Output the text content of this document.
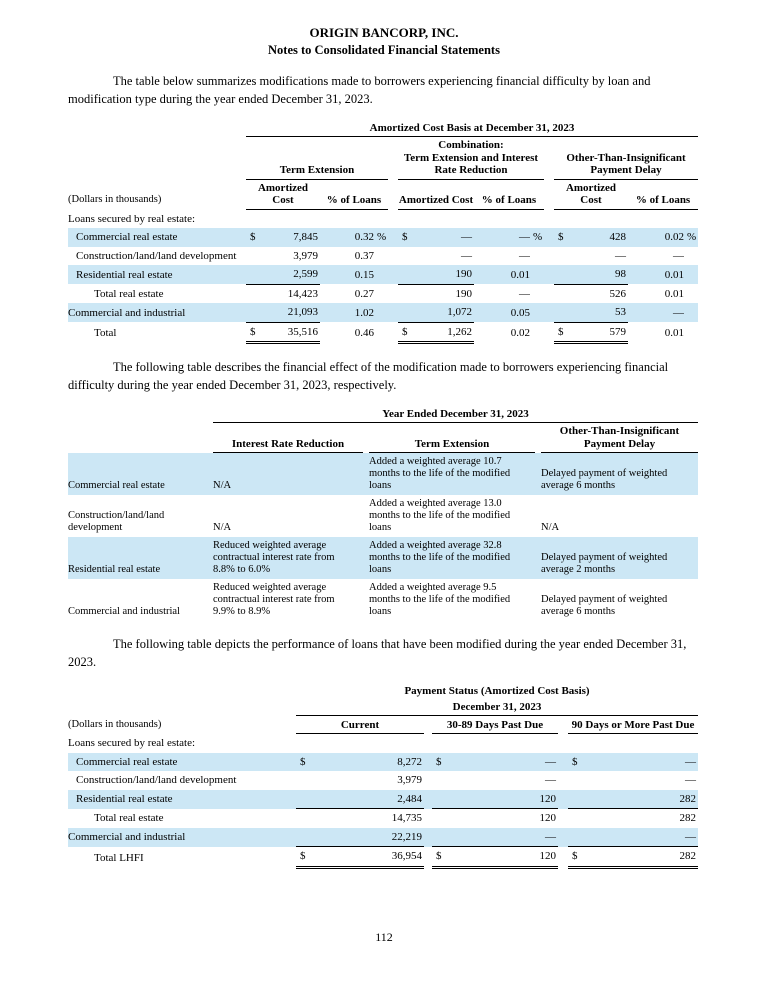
ORIGIN BANCORP, INC.
Notes to Consolidated Financial Statements

The table below summarizes modifications made to borrowers experiencing financial difficulty by loan and modification type during the year ended December 31, 2023.

	Amortized Cost Basis at December 31, 2023													
	Term Extension					Combination:
Term Extension and Interest Rate Reduction					Other-Than-Insignificant Payment Delay			
(Dollars in thousands)	Amortized Cost		% of Loans			Amortized Cost		% of Loans			Amortized Cost		% of Loans	
Loans secured by real estate:														
Commercial real estate	$	7,845	0.32	%		$	—	—	%		$	428	0.02	%
Construction/land/land development		3,979	0.37				—	—				—	—	
Residential real estate		2,599	0.15				190	0.01				98	0.01	
Total real estate		14,423	0.27				190	—				526	0.01	
Commercial and industrial		21,093	1.02				1,072	0.05				53	—	
Total	$	35,516	0.46			$	1,262	0.02			$	579	0.01	

The following table describes the financial effect of the modification made to borrowers experiencing financial difficulty during the year ended December 31, 2023, respectively.

	Year Ended December 31, 2023				
	Interest Rate Reduction		Term Extension		Other-Than-Insignificant Payment Delay
Commercial real estate	N/A		Added a weighted average 10.7 months to the life of the modified loans		Delayed payment of weighted average 6 months
Construction/land/land development	N/A		Added a weighted average 13.0 months to the life of the modified loans		N/A
Residential real estate	Reduced weighted average contractual interest rate from 8.8% to 6.0%		Added a weighted average 32.8 months to the life of the modified loans		Delayed payment of weighted average 2 months
Commercial and industrial	Reduced weighted average contractual interest rate from 9.9% to 8.9%		Added a weighted average 9.5 months to the life of the modified loans		Delayed payment of weighted average 6 months

The following table depicts the performance of loans that have been modified during the year ended December 31, 2023.

	Payment Status (Amortized Cost Basis)							
	December 31, 2023							
(Dollars in thousands)	Current			30-89 Days Past Due			90 Days or More Past Due	
Loans secured by real estate:								
Commercial real estate	$	8,272		$	—		$	—
Construction/land/land development		3,979			—			—
Residential real estate		2,484			120			282
Total real estate		14,735			120			282
Commercial and industrial		22,219			—			—
Total LHFI	$	36,954		$	120		$	282
112
